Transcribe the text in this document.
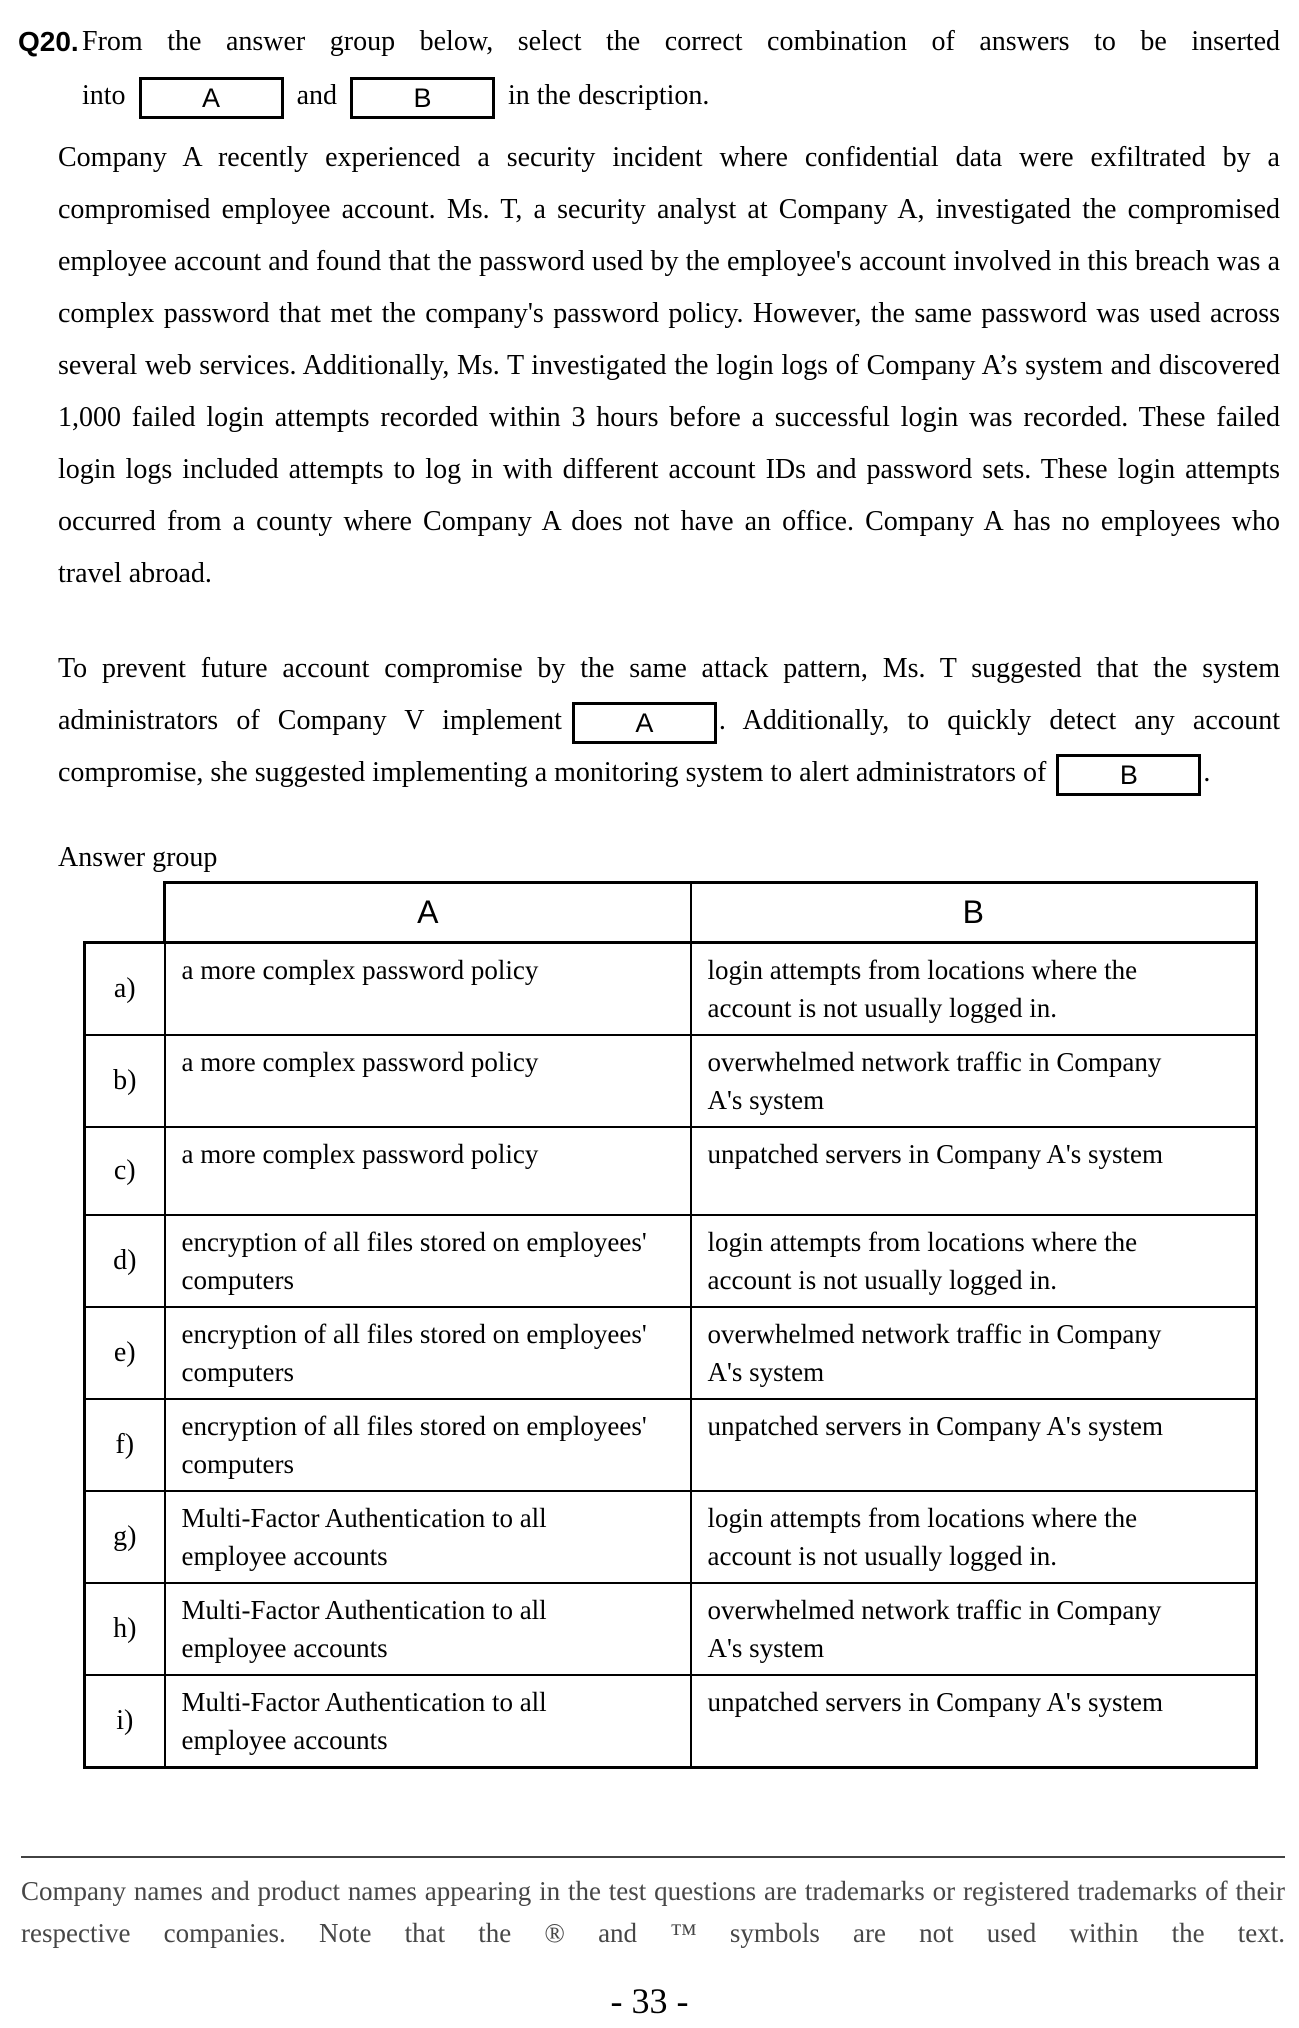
Q20. From the answer group below, select the correct combination of answers to be inserted
into	A	and	B	in the description.

Company A recently experienced a security incident where confidential data were exfiltrated by a compromised employee account. Ms. T, a security analyst at Company A, investigated the compromised employee account and found that the password used by the employee's account involved in this breach was a complex password that met the company's password policy. However, the same password was used across several web services. Additionally, Ms. T investigated the login logs of Company A’s system and discovered 1,000 failed login attempts recorded within 3 hours before a successful login was recorded. These failed login logs included attempts to log in with different account IDs and password sets. These login attempts occurred from a county where Company A does not have an office. Company A has no employees who travel abroad.

To prevent future account compromise by the same attack pattern, Ms. T suggested that the system administrators of Company V implement	A . Additionally, to quickly detect any account compromise, she suggested implementing a monitoring system to alert administrators of	B .

Answer group
	A	B
a)	a more complex password policy	login attempts from locations where the account is not usually logged in.
b)	a more complex password policy	overwhelmed network traffic in Company A's system
c)	a more complex password policy	unpatched servers in Company A's system
d)	encryption of all files stored on employees' computers	login attempts from locations where the account is not usually logged in.
e)	encryption of all files stored on employees' computers	overwhelmed network traffic in Company A's system
f)	encryption of all files stored on employees' computers	unpatched servers in Company A's system
g)	Multi-Factor Authentication to all employee accounts	login attempts from locations where the account is not usually logged in.
h)	Multi-Factor Authentication to all employee accounts	overwhelmed network traffic in Company A's system
i)	Multi-Factor Authentication to all employee accounts	unpatched servers in Company A's system

Company names and product names appearing in the test questions are trademarks or registered trademarks of their respective companies. Note that the ® and ™ symbols are not used within the text.

- 33 -
